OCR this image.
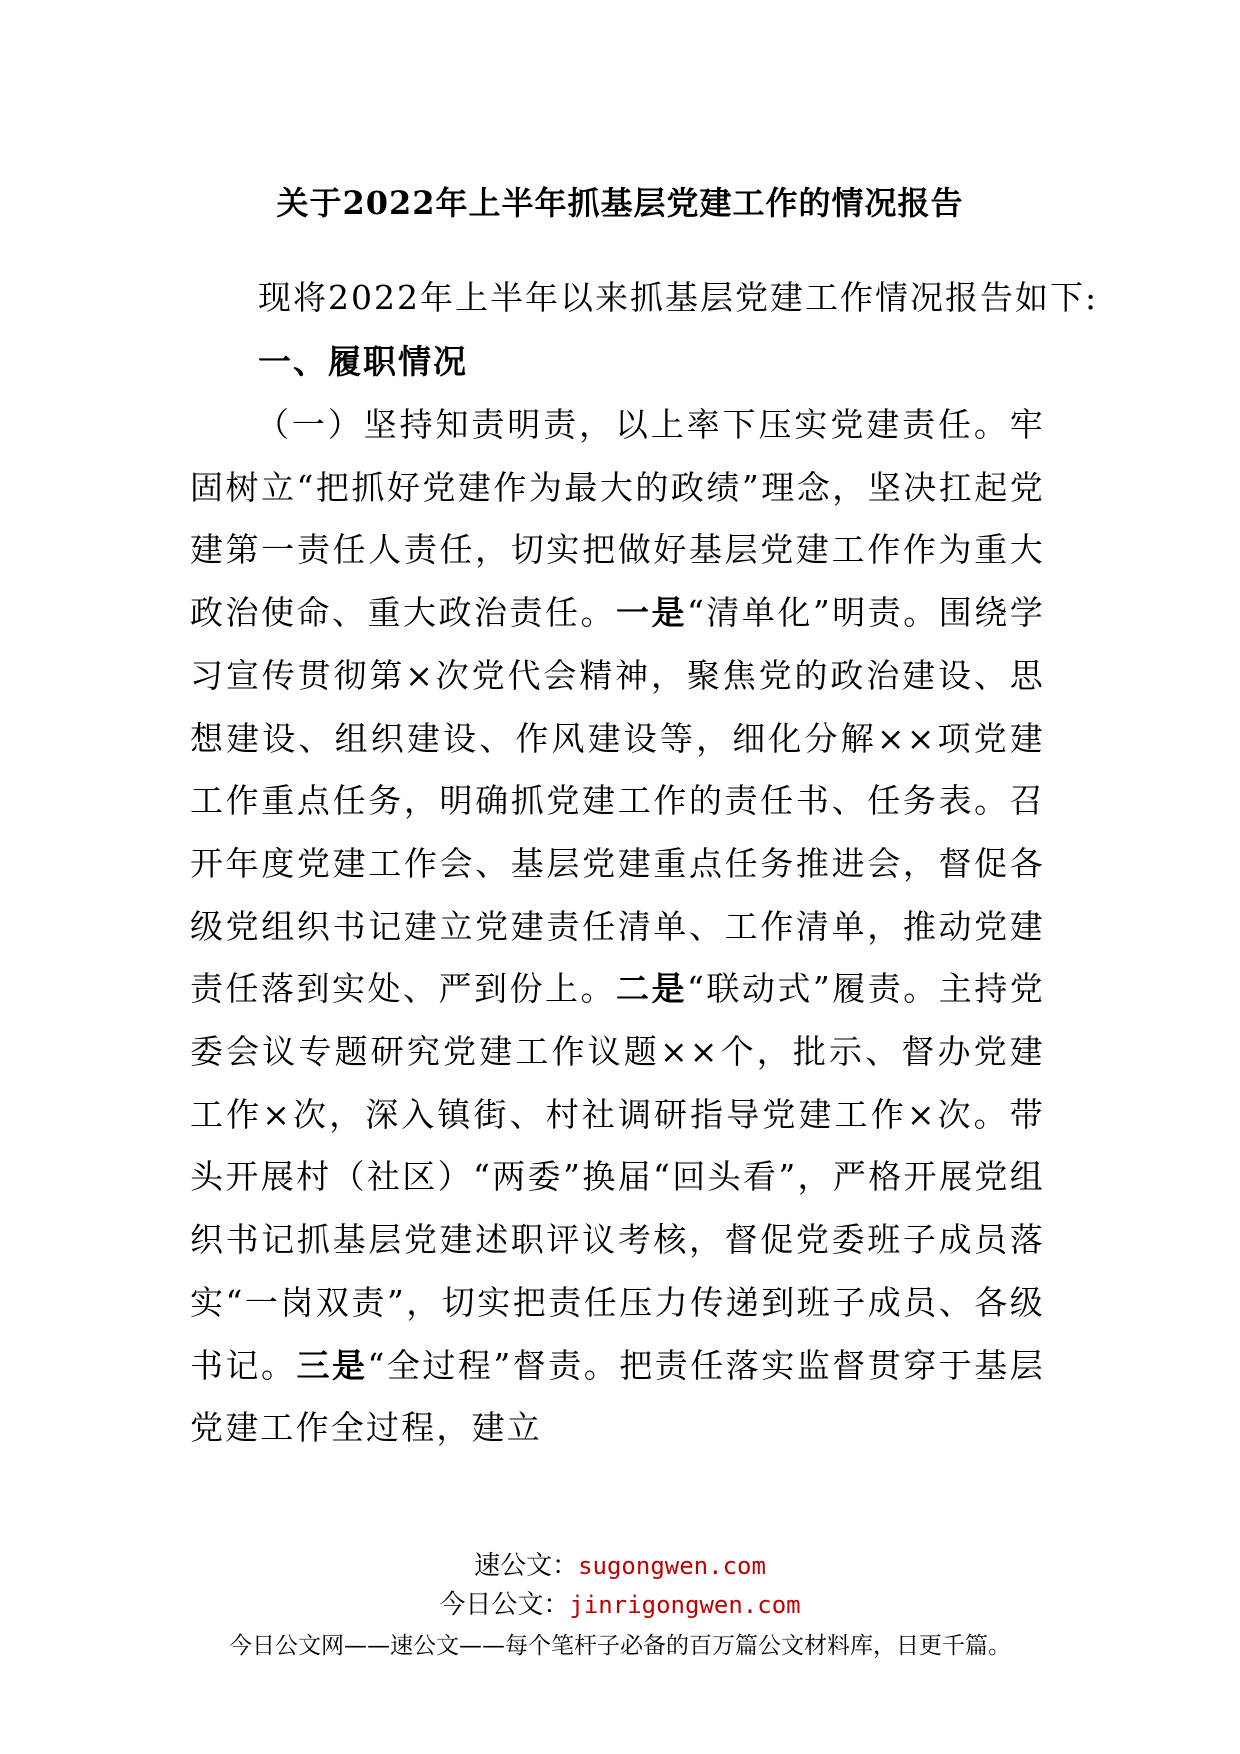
关于2022年上半年抓基层党建工作的情况报告
现将2022年上半年以来抓基层党建工作情况报告如下:
一、履职情况

（一）坚持知责明责，以上率下压实党建责任。牢固树立“把抓好党建作为最大的政绩”理念，坚决扛起党建第一责任人责任，切实把做好基层党建工作作为重大政治使命、重大政治责任。一是“清单化”明责。围绕学习宣传贯彻第×次党代会精神，聚焦党的政治建设、思想建设、组织建设、作风建设等，细化分解××项党建工作重点任务，明确抓党建工作的责任书、任务表。召开年度党建工作会、基层党建重点任务推进会，督促各级党组织书记建立党建责任清单、工作清单，推动党建责任落到实处、严到份上。二是“联动式”履责。主持党委会议专题研究党建工作议题××个，批示、督办党建工作×次，深入镇街、村社调研指导党建工作×次。带头开展村（社区）“两委”换届“回头看”，严格开展党组织书记抓基层党建述职评议考核，督促党委班子成员落实“一岗双责”，切实把责任压力传递到班子成员、各级书记。三是“全过程”督责。把责任落实监督贯穿于基层党建工作全过程，建立

速公文：sugongwen.com
今日公文：jinrigongwen.com
今日公文网——速公文——每个笔杆子必备的百万篇公文材料库，日更千篇。
